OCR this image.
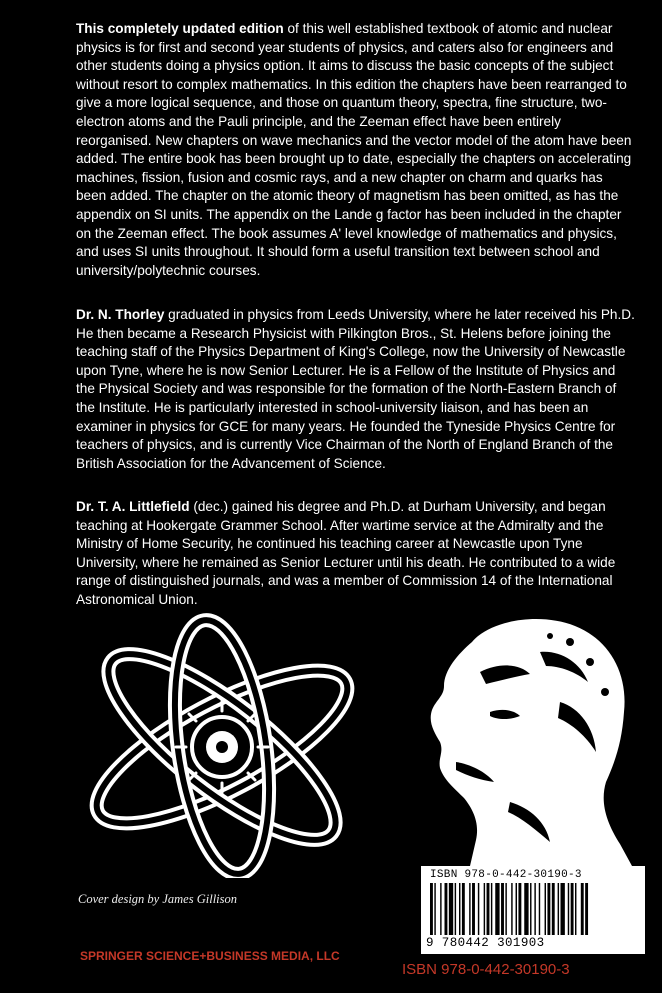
This completely updated edition of this well established textbook of atomic and nuclear physics is for first and second year students of physics, and caters also for engineers and other students doing a physics option. It aims to discuss the basic concepts of the subject without resort to complex mathematics. In this edition the chapters have been rearranged to give a more logical sequence, and those on quantum theory, spectra, fine structure, two-electron atoms and the Pauli principle, and the Zeeman effect have been entirely reorganised. New chapters on wave mechanics and the vector model of the atom have been added. The entire book has been brought up to date, especially the chapters on accelerating machines, fission, fusion and cosmic rays, and a new chapter on charm and quarks has been added. The chapter on the atomic theory of magnetism has been omitted, as has the appendix on SI units. The appendix on the Lande g factor has been included in the chapter on the Zeeman effect. The book assumes A' level knowledge of mathematics and physics, and uses SI units throughout. It should form a useful transition text between school and university/polytechnic courses.

Dr. N. Thorley graduated in physics from Leeds University, where he later received his Ph.D. He then became a Research Physicist with Pilkington Bros., St. Helens before joining the teaching staff of the Physics Department of King's College, now the University of Newcastle upon Tyne, where he is now Senior Lecturer. He is a Fellow of the Institute of Physics and the Physical Society and was responsible for the formation of the North-Eastern Branch of the Institute. He is particularly interested in school-university liaison, and has been an examiner in physics for GCE for many years. He founded the Tyneside Physics Centre for teachers of physics, and is currently Vice Chairman of the North of England Branch of the British Association for the Advancement of Science.

Dr. T. A. Littlefield (dec.) gained his degree and Ph.D. at Durham University, and began teaching at Hookergate Grammer School. After wartime service at the Admiralty and the Ministry of Home Security, he continued his teaching career at Newcastle upon Tyne University, where he remained as Senior Lecturer until his death. He contributed to a wide range of distinguished journals, and was a member of Commission 14 of the International Astronomical Union.

Cover design by James Gillison
SPRINGER SCIENCE+BUSINESS MEDIA, LLC
ISBN 978-0-442-30190-3
9 780442 301903
ISBN 978-0-442-30190-3
